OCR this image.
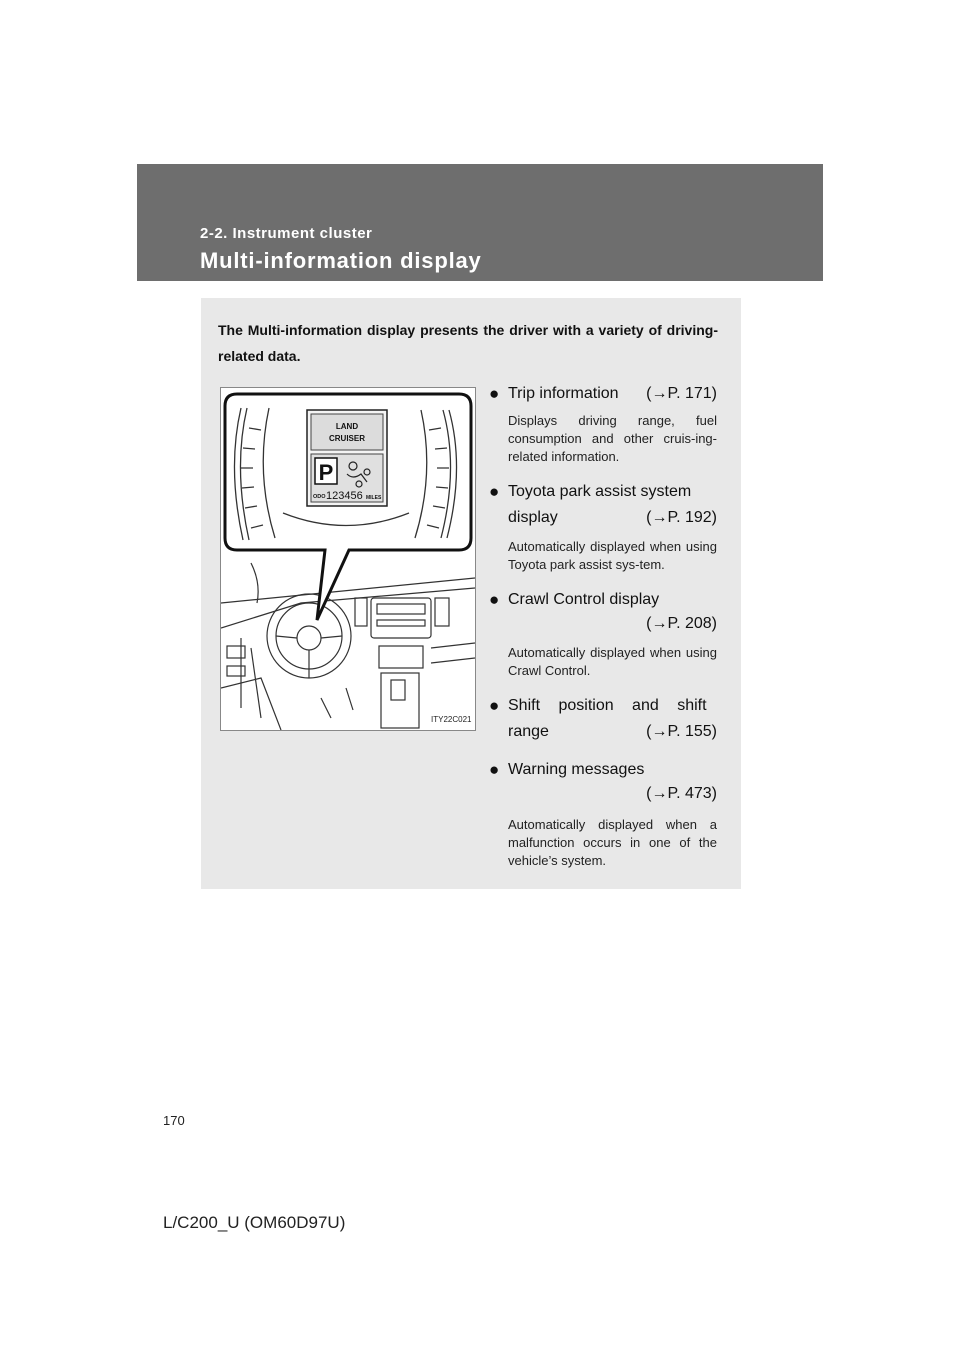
2-2. Instrument cluster
Multi-information display
The Multi-information display presents the driver with a variety of driving-related data.
LAND
CRUISER
P
ODO 123456 MILES
ITY22C021
● Trip information (→P. 171)
Displays driving range, fuel consumption and other cruis-ing-related information.
● Toyota park assist system
display	(→P. 192)
Automatically displayed when using Toyota park assist sys-tem.
● Crawl Control display
(→P. 208)
Automatically displayed when using Crawl Control.
● Shift position and shift
range	(→P. 155)
● Warning messages
(→P. 473)
Automatically displayed when a malfunction occurs in one of the vehicle’s system.
170
L/C200_U (OM60D97U)
